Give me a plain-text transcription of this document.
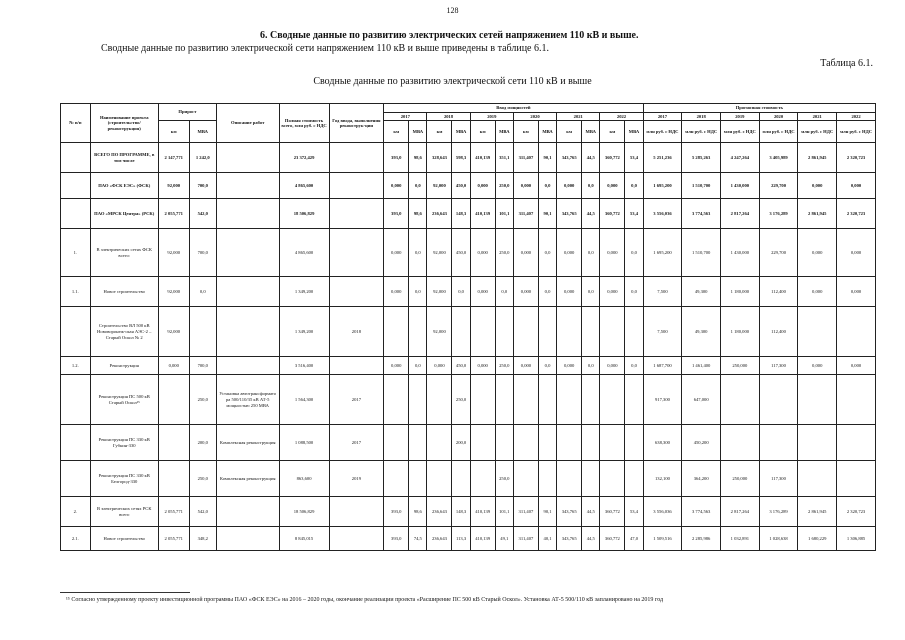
128
6. Сводные данные по развитию электрических сетей напряжением 110 кВ и выше.
Сводные данные по развитию электрической сети напряжением 110 кВ и выше приведены в таблице 6.1.
Таблица 6.1.
Сводные данные по развитию электрической сети 110 кВ и выше
№ п/п	Наименование проекта (строительство/ реконструкция)	Прирост		Описание работ	Полная стоимость всего, млн руб. с НДС	Год ввода, выполнения реконструк-ции	Ввод мощностей												Прогнозная стоимость					
							2017		2018		2019		2020		2021		2022		2017	2018	2019	2020	2021	2022
		км	МВА				км	МВА	км	МВА	км	МВА	км	МВА	км	МВА	км	МВА	млн руб. с НДС	млн руб. с НДС	млн руб. с НДС	млн руб. с НДС	млн руб. с НДС	млн руб. с НДС
	ВСЕГО ПО ПРОГРАММЕ, в том числе	2 147,771	1 242,0		23 372,429		393,0	98,6	328,643	598,3	410,139	351,1	311,407	90,1	343,765	44,5	360,772	53,4	5 251,236	5 285,263	4 247,264	3 405,989	2 861,945	2 320,723
	ПАО «ФСК ЕЭС» (ФСК)	92,000	700,0		4 865,600		0,000	0,0	92,000	450,0	0,000	250,0	0,000	0,0	0,000	0,0	0,000	0,0	1 695,200	1 510,700	1 430,000	229,700	0,000	0,000
	ПАО «МРСК Центра» (РСК)	2 055,771	542,0		18 506,829		393,0	98,6	236,643	148,3	410,139	101,1	311,407	90,1	343,765	44,5	360,772	53,4	3 556,036	3 774,563	2 817,264	3 176,289	2 861,945	2 320,723
1.	В электрических сетях ФСК всего:	92,000	700,0		4 865,600		0,000	0,0	92,000	450,0	0,000	250,0	0,000	0,0	0,000	0,0	0,000	0,0	1 695,200	1 510,700	1 430,000	229,700	0,000	0,000
1.1.	Новое строительство	92,000	0,0		1 349,200		0,000	0,0	92,000	0,0	0,000	0,0	0,000	0,0	0,000	0,0	0,000	0,0	7,500	49,300	1 180,000	112,400	0,000	0,000
	Строительство ВЛ 500 кВ Нововоронеж-ская АЭС-2 – Старый Оскол № 2	92,000			1 349,200	2018			92,000										7,500	49,300	1 180,000	112,400		
1.2.	Реконструкция	0,000	700,0		3 516,400		0,000	0,0	0,000	450,0	0,000	250,0	0,000	0,0	0,000	0,0	0,000	0,0	1 687,700	1 461,400	250,000	117,300	0,000	0,000
	Реконструкция ПС 500 кВ Старый Оскол¹⁵		250,0	Установка автотрансформато ра 500/110/35 кВ АТ-5 мощностью 250 МВА	1 564,300	2017				250,0									917,300	647,000				
	Реконструкция ПС 330 кВ Губкин-330		200,0	Комплексная реконструкция	1 088,500	2017				200,0									638,300	450,200				
	Реконструкция ПС 330 кВ Белгород-330		250,0	Комплексная реконструкция	863,600	2019						250,0							132,100	364,200	250,000	117,300		
2.	В электрических сетях РСК всего	2 055,771	542,0		18 506,829		393,0	98,6	236,643	148,3	410,139	101,1	311,407	90,1	343,765	44,5	360,772	53,4	3 556,036	3 774,563	2 817,264	3 176,289	2 861,945	2 320,723
2.1.	Новое строительство	2 055,771	348,2		8 845,015		393,0	74,5	236,643	113,3	410,139	49,1	311,407	40,1	343,765	44,5	360,772	47,0	1 509,516	2 285,986	1 032,891	1 028,638	1 680,229	1 306,885
¹⁵ Согласно утвержденному проекту инвестиционной программы ПАО «ФСК ЕЭС» на 2016 – 2020 годы, окончание реализации проекта «Расширение ПС 500 кВ Старый Оскол». Установка АТ-5 500/110 кВ запланировано на 2019 год
